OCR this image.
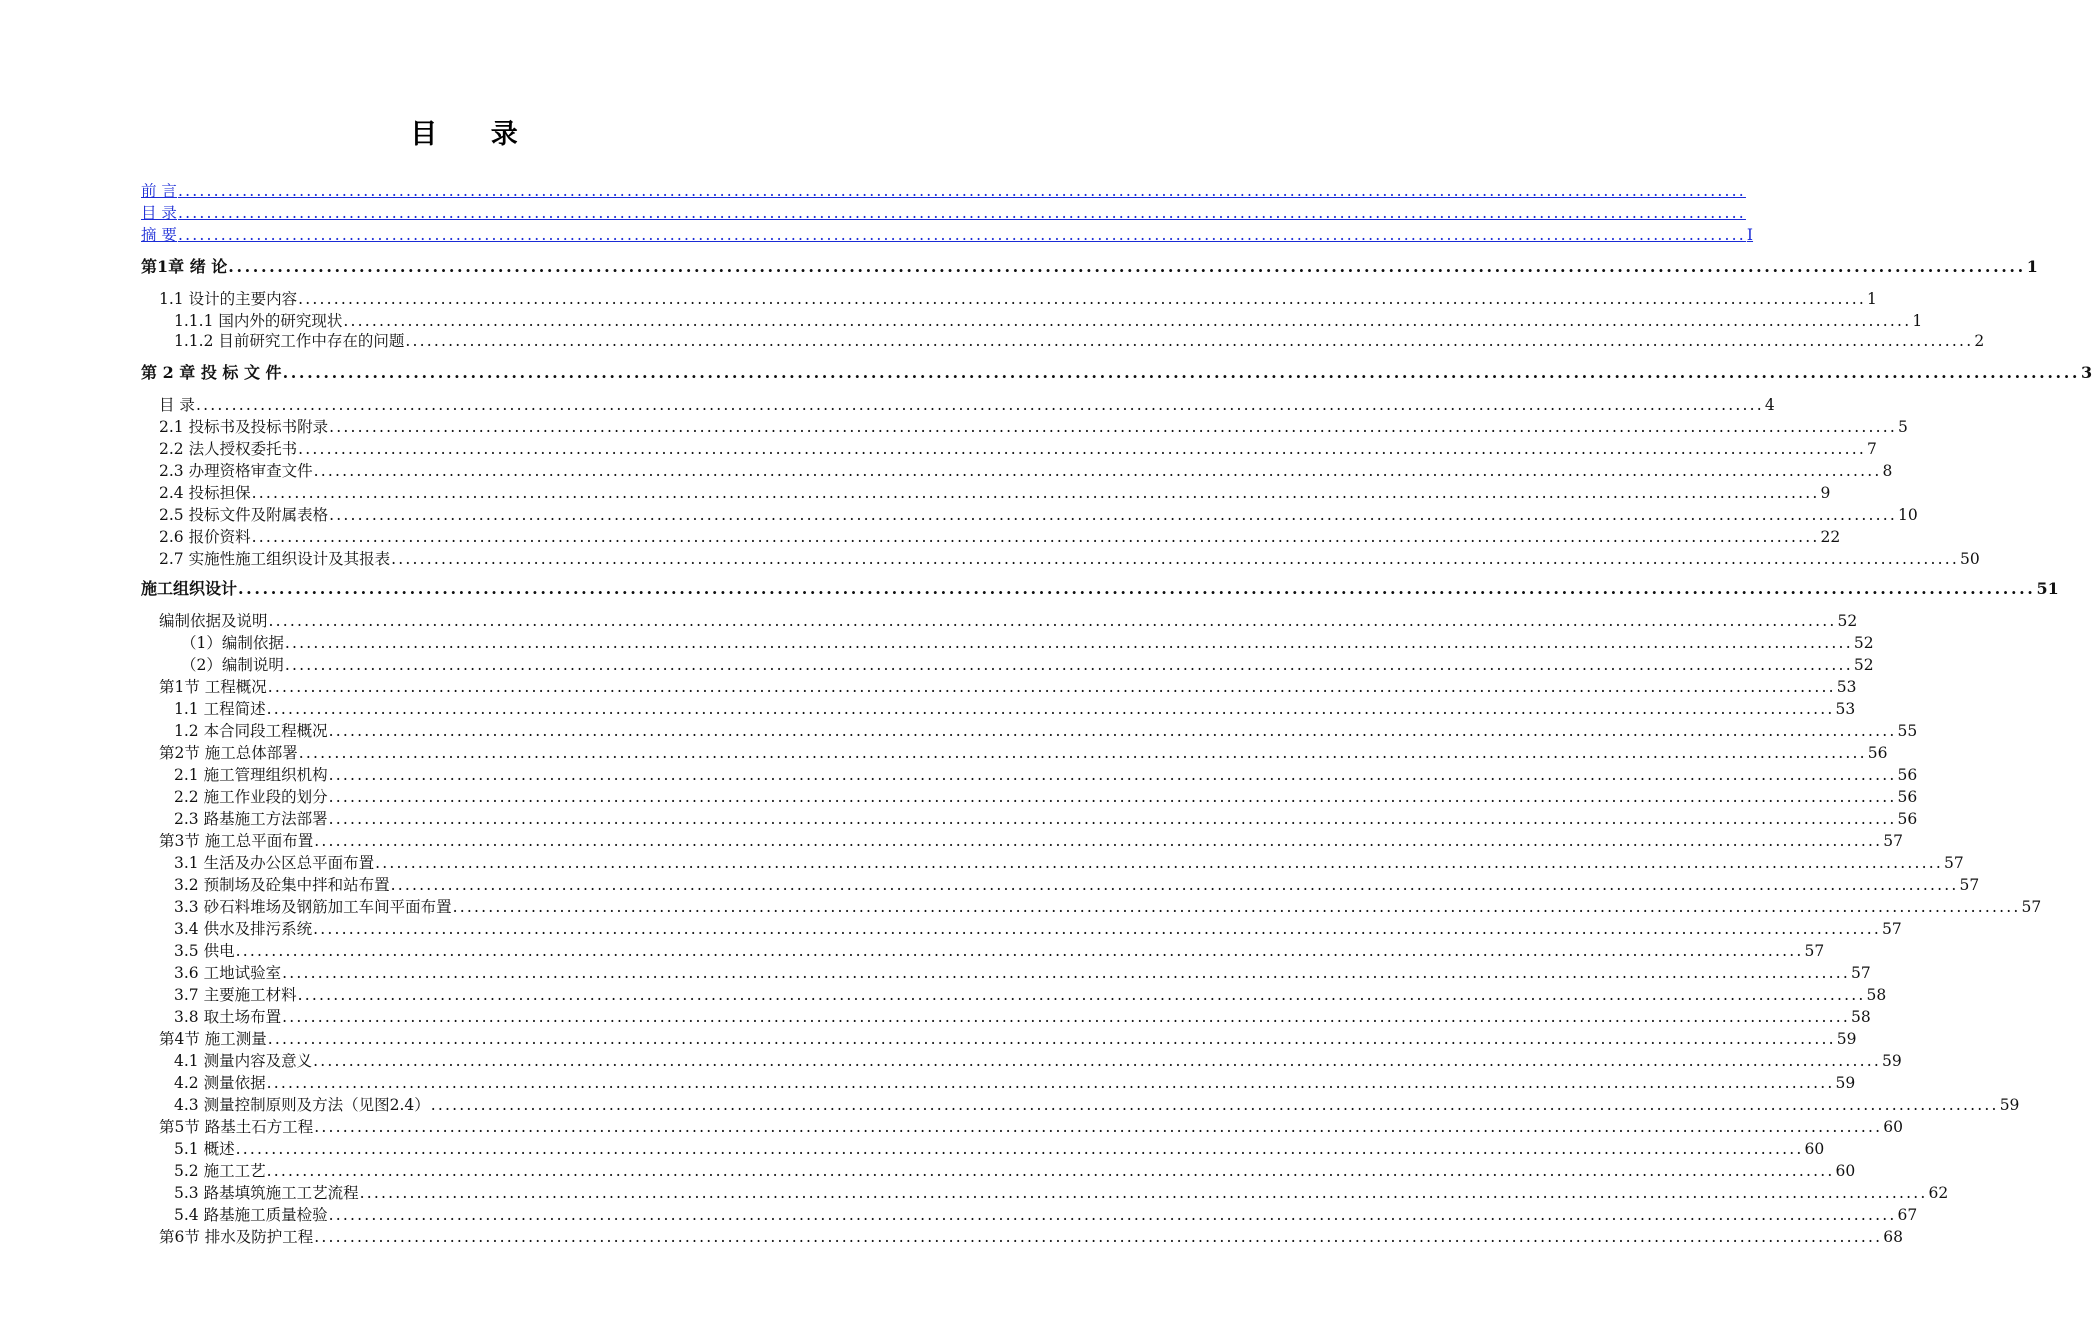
目 录
前 言 ............................................................................................................................................................................................................................
目 录 ............................................................................................................................................................................................................................
摘 要 ............................................................................................................................................................................................................................ I
第1章 绪 论 ............................................................................................................................................................................................................................ 1
1.1 设计的主要内容 ............................................................................................................................................................................................................................ 1
1.1.1 国内外的研究现状 ............................................................................................................................................................................................................................ 1
1.1.2 目前研究工作中存在的问题 ............................................................................................................................................................................................................................ 2
第 2 章 投 标 文 件 ............................................................................................................................................................................................................................ 3
目 录 ............................................................................................................................................................................................................................ 4
2.1 投标书及投标书附录 ............................................................................................................................................................................................................................ 5
2.2 法人授权委托书 ............................................................................................................................................................................................................................ 7
2.3 办理资格审查文件 ............................................................................................................................................................................................................................ 8
2.4 投标担保 ............................................................................................................................................................................................................................ 9
2.5 投标文件及附属表格 ............................................................................................................................................................................................................................ 10
2.6 报价资料 ............................................................................................................................................................................................................................ 22
2.7 实施性施工组织设计及其报表 ............................................................................................................................................................................................................................ 50
施工组织设计 ............................................................................................................................................................................................................................ 51
编制依据及说明 ............................................................................................................................................................................................................................ 52
（1）编制依据 ............................................................................................................................................................................................................................ 52
（2）编制说明 ............................................................................................................................................................................................................................ 52
第1节 工程概况 ............................................................................................................................................................................................................................ 53
1.1 工程简述 ............................................................................................................................................................................................................................ 53
1.2 本合同段工程概况 ............................................................................................................................................................................................................................ 55
第2节 施工总体部署 ............................................................................................................................................................................................................................ 56
2.1 施工管理组织机构 ............................................................................................................................................................................................................................ 56
2.2 施工作业段的划分 ............................................................................................................................................................................................................................ 56
2.3 路基施工方法部署 ............................................................................................................................................................................................................................ 56
第3节 施工总平面布置 ............................................................................................................................................................................................................................ 57
3.1 生活及办公区总平面布置 ............................................................................................................................................................................................................................ 57
3.2 预制场及砼集中拌和站布置 ............................................................................................................................................................................................................................ 57
3.3 砂石料堆场及钢筋加工车间平面布置 ............................................................................................................................................................................................................................ 57
3.4 供水及排污系统 ............................................................................................................................................................................................................................ 57
3.5 供电 ............................................................................................................................................................................................................................ 57
3.6 工地试验室 ............................................................................................................................................................................................................................ 57
3.7 主要施工材料 ............................................................................................................................................................................................................................ 58
3.8 取土场布置 ............................................................................................................................................................................................................................ 58
第4节 施工测量 ............................................................................................................................................................................................................................ 59
4.1 测量内容及意义 ............................................................................................................................................................................................................................ 59
4.2 测量依据 ............................................................................................................................................................................................................................ 59
4.3 测量控制原则及方法（见图2.4） ............................................................................................................................................................................................................................ 59
第5节 路基土石方工程 ............................................................................................................................................................................................................................ 60
5.1 概述 ............................................................................................................................................................................................................................ 60
5.2 施工工艺 ............................................................................................................................................................................................................................ 60
5.3 路基填筑施工工艺流程 ............................................................................................................................................................................................................................ 62
5.4 路基施工质量检验 ............................................................................................................................................................................................................................ 67
第6节 排水及防护工程 ............................................................................................................................................................................................................................ 68
